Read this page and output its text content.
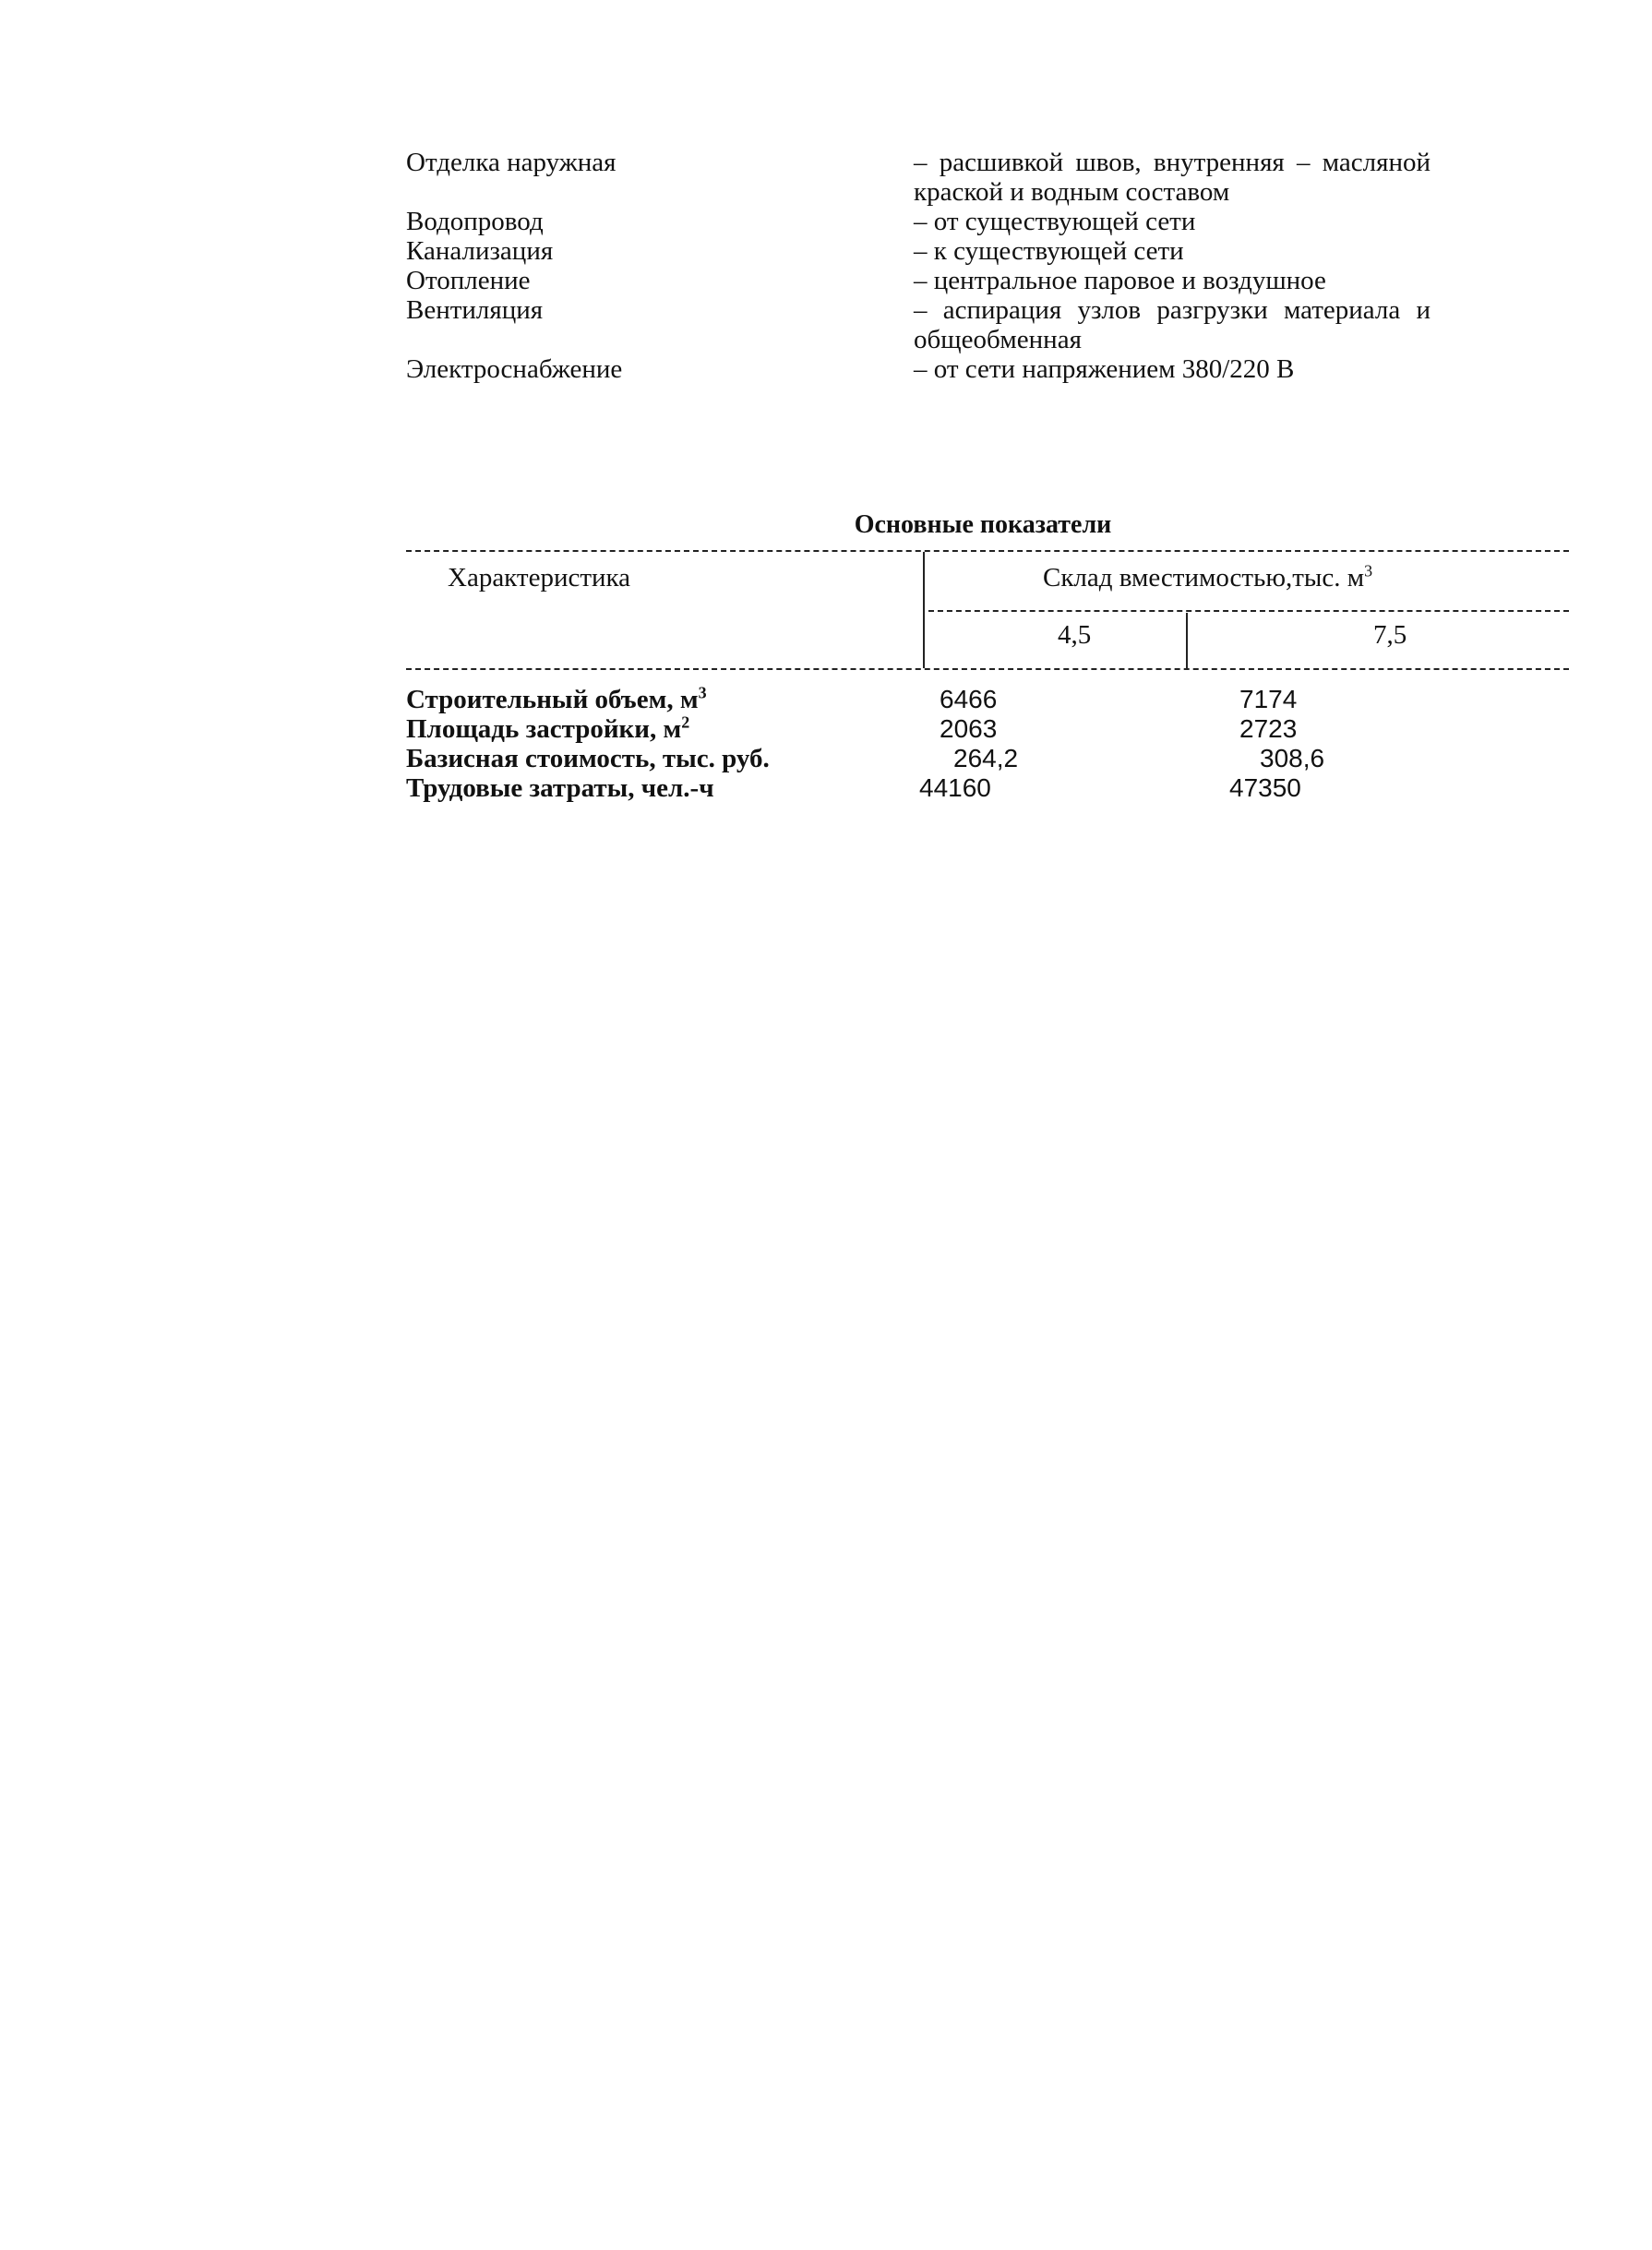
Отделка наружная	– расшивкой швов, внутренняя – масляной краской и водным составом
Водопровод	– от существующей сети
Канализация	– к существующей сети
Отопление	– центральное паровое и воздушное
Вентиляция	– аспирация узлов разгрузки материала и общеобменная
Электроснабжение	– от сети напряжением 380/220 В
Основные показатели
Характеристика	Склад вместимостью,тыс. $м^3$
4,5	7,5
Строительный объем, $м^3$	6466	7174
Площадь застройки, $м^2$	2063	2723
Базисная стоимость, тыс. руб.	264,2	308,6
Трудовые затраты, чел.-ч	44160	47350
